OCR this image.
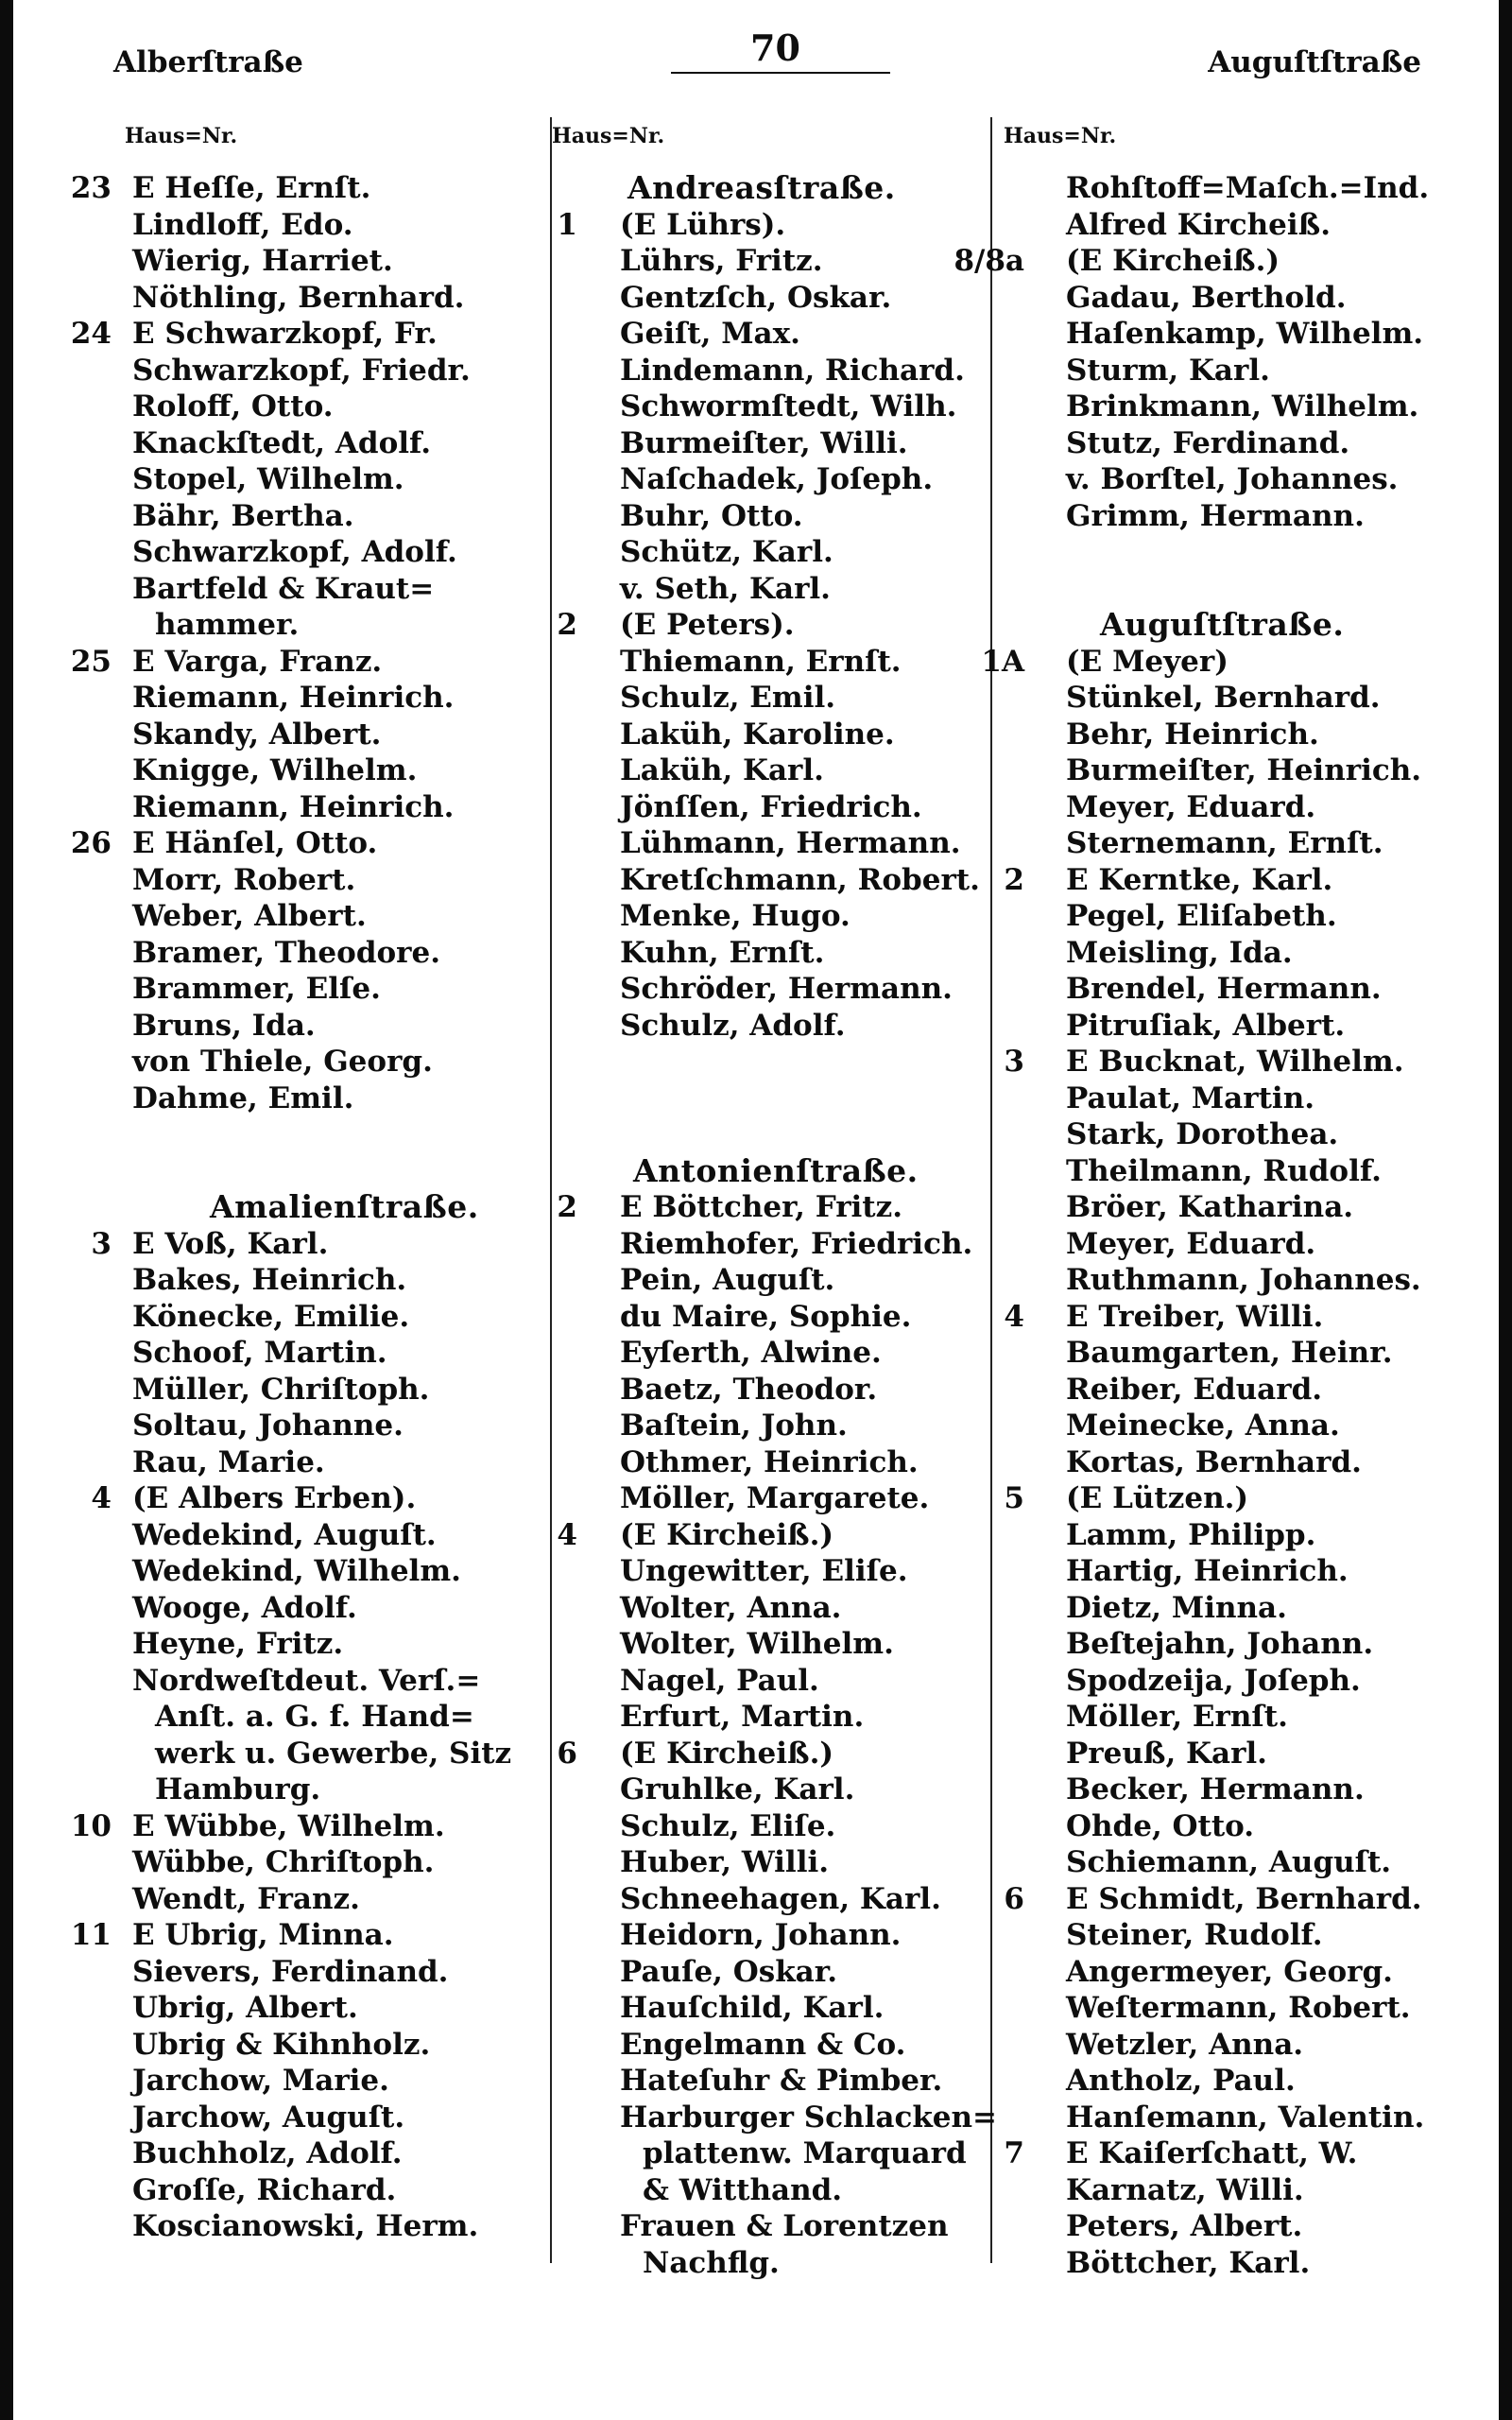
Alberſtraße	70	Auguſtſtraße
Haus=Nr.
23 E Heſſe, Ernſt.
Lindloff, Edo.
Wierig, Harriet.
Nöthling, Bernhard.
24 E Schwarzkopf, Fr.
Schwarzkopf, Friedr.
Roloff, Otto.
Knackſtedt, Adolf.
Stopel, Wilhelm.
Bähr, Bertha.
Schwarzkopf, Adolf.
Bartfeld & Kraut=
hammer.
25 E Varga, Franz.
Riemann, Heinrich.
Skandy, Albert.
Knigge, Wilhelm.
Riemann, Heinrich.
26 E Hänſel, Otto.
Morr, Robert.
Weber, Albert.
Bramer, Theodore.
Brammer, Elſe.
Bruns, Ida.
von Thiele, Georg.
Dahme, Emil.
Amalienſtraße.
3 E Voß, Karl.
Bakes, Heinrich.
Könecke, Emilie.
Schoof, Martin.
Müller, Chriſtoph.
Soltau, Johanne.
Rau, Marie.
4 (E Albers Erben).
Wedekind, Auguſt.
Wedekind, Wilhelm.
Wooge, Adolf.
Heyne, Fritz.
Nordweſtdeut. Verſ.=
Anſt. a. G. f. Hand=
werk u. Gewerbe, Sitz
Hamburg.
10 E Wübbe, Wilhelm.
Wübbe, Chriſtoph.
Wendt, Franz.
11 E Ubrig, Minna.
Sievers, Ferdinand.
Ubrig, Albert.
Ubrig & Kihnholz.
Jarchow, Marie.
Jarchow, Auguſt.
Buchholz, Adolf.
Groſſe, Richard.
Koscianowski, Herm.
Haus=Nr.
Andreasſtraße.
1 (E Lührs).
Lührs, Fritz.
Gentzſch, Oskar.
Geiſt, Max.
Lindemann, Richard.
Schwormſtedt, Wilh.
Burmeiſter, Willi.
Naſchadek, Joſeph.
Buhr, Otto.
Schütz, Karl.
v. Seth, Karl.
2 (E Peters).
Thiemann, Ernſt.
Schulz, Emil.
Laküh, Karoline.
Laküh, Karl.
Jönſſen, Friedrich.
Lühmann, Hermann.
Kretſchmann, Robert.
Menke, Hugo.
Kuhn, Ernſt.
Schröder, Hermann.
Schulz, Adolf.
Antonienſtraße.
2 E Böttcher, Fritz.
Riemhofer, Friedrich.
Pein, Auguſt.
du Maire, Sophie.
Eyſerth, Alwine.
Baetz, Theodor.
Baſtein, John.
Othmer, Heinrich.
Möller, Margarete.
4 (E Kircheiß.)
Ungewitter, Eliſe.
Wolter, Anna.
Wolter, Wilhelm.
Nagel, Paul.
Erfurt, Martin.
6 (E Kircheiß.)
Gruhlke, Karl.
Schulz, Eliſe.
Huber, Willi.
Schneehagen, Karl.
Heidorn, Johann.
Pauſe, Oskar.
Hauſchild, Karl.
Engelmann & Co.
Hateſuhr & Pimber.
Harburger Schlacken=
plattenw. Marquard
& Witthand.
Frauen & Lorentzen
Nachflg.
Haus=Nr.
Rohſtoff=Maſch.=Ind.
Alfred Kircheiß.
8/8a (E Kircheiß.)
Gadau, Berthold.
Haſenkamp, Wilhelm.
Sturm, Karl.
Brinkmann, Wilhelm.
Stutz, Ferdinand.
v. Borſtel, Johannes.
Grimm, Hermann.
Auguſtſtraße.
1A (E Meyer)
Stünkel, Bernhard.
Behr, Heinrich.
Burmeiſter, Heinrich.
Meyer, Eduard.
Sternemann, Ernſt.
2 E Kerntke, Karl.
Pegel, Eliſabeth.
Meisling, Ida.
Brendel, Hermann.
Pitruſiak, Albert.
3 E Bucknat, Wilhelm.
Paulat, Martin.
Stark, Dorothea.
Theilmann, Rudolf.
Bröer, Katharina.
Meyer, Eduard.
Ruthmann, Johannes.
4 E Treiber, Willi.
Baumgarten, Heinr.
Reiber, Eduard.
Meinecke, Anna.
Kortas, Bernhard.
5 (E Lützen.)
Lamm, Philipp.
Hartig, Heinrich.
Dietz, Minna.
Beſtejahn, Johann.
Spodzeija, Joſeph.
Möller, Ernſt.
Preuß, Karl.
Becker, Hermann.
Ohde, Otto.
Schiemann, Auguſt.
6 E Schmidt, Bernhard.
Steiner, Rudolf.
Angermeyer, Georg.
Weſtermann, Robert.
Wetzler, Anna.
Antholz, Paul.
Hanſemann, Valentin.
7 E Kaiſerſchatt, W.
Karnatz, Willi.
Peters, Albert.
Böttcher, Karl.
